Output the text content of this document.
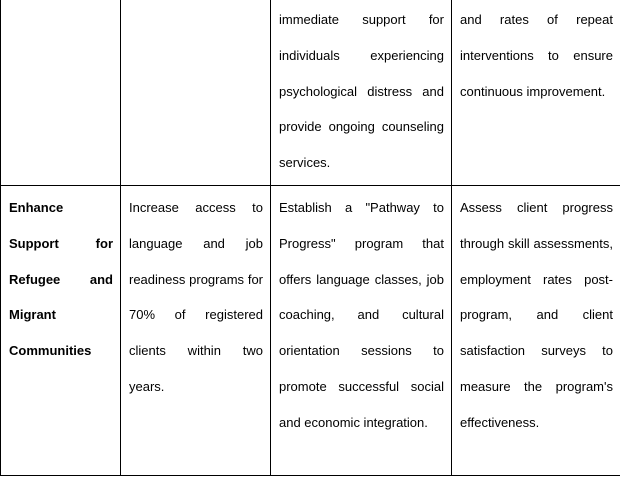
		immediate support for individuals experiencing psychological distress and provide ongoing counseling services.	and rates of repeat interventions to ensure continuous improvement.

Enhance Support for Refugee and Migrant Communities	Increase access to language and job readiness programs for 70% of registered clients within two years.	Establish a "Pathway to Progress" program that offers language classes, job coaching, and cultural orientation sessions to promote successful social and economic integration.	Assess client progress through skill assessments, employment rates post-program, and client satisfaction surveys to measure the program's effectiveness.
